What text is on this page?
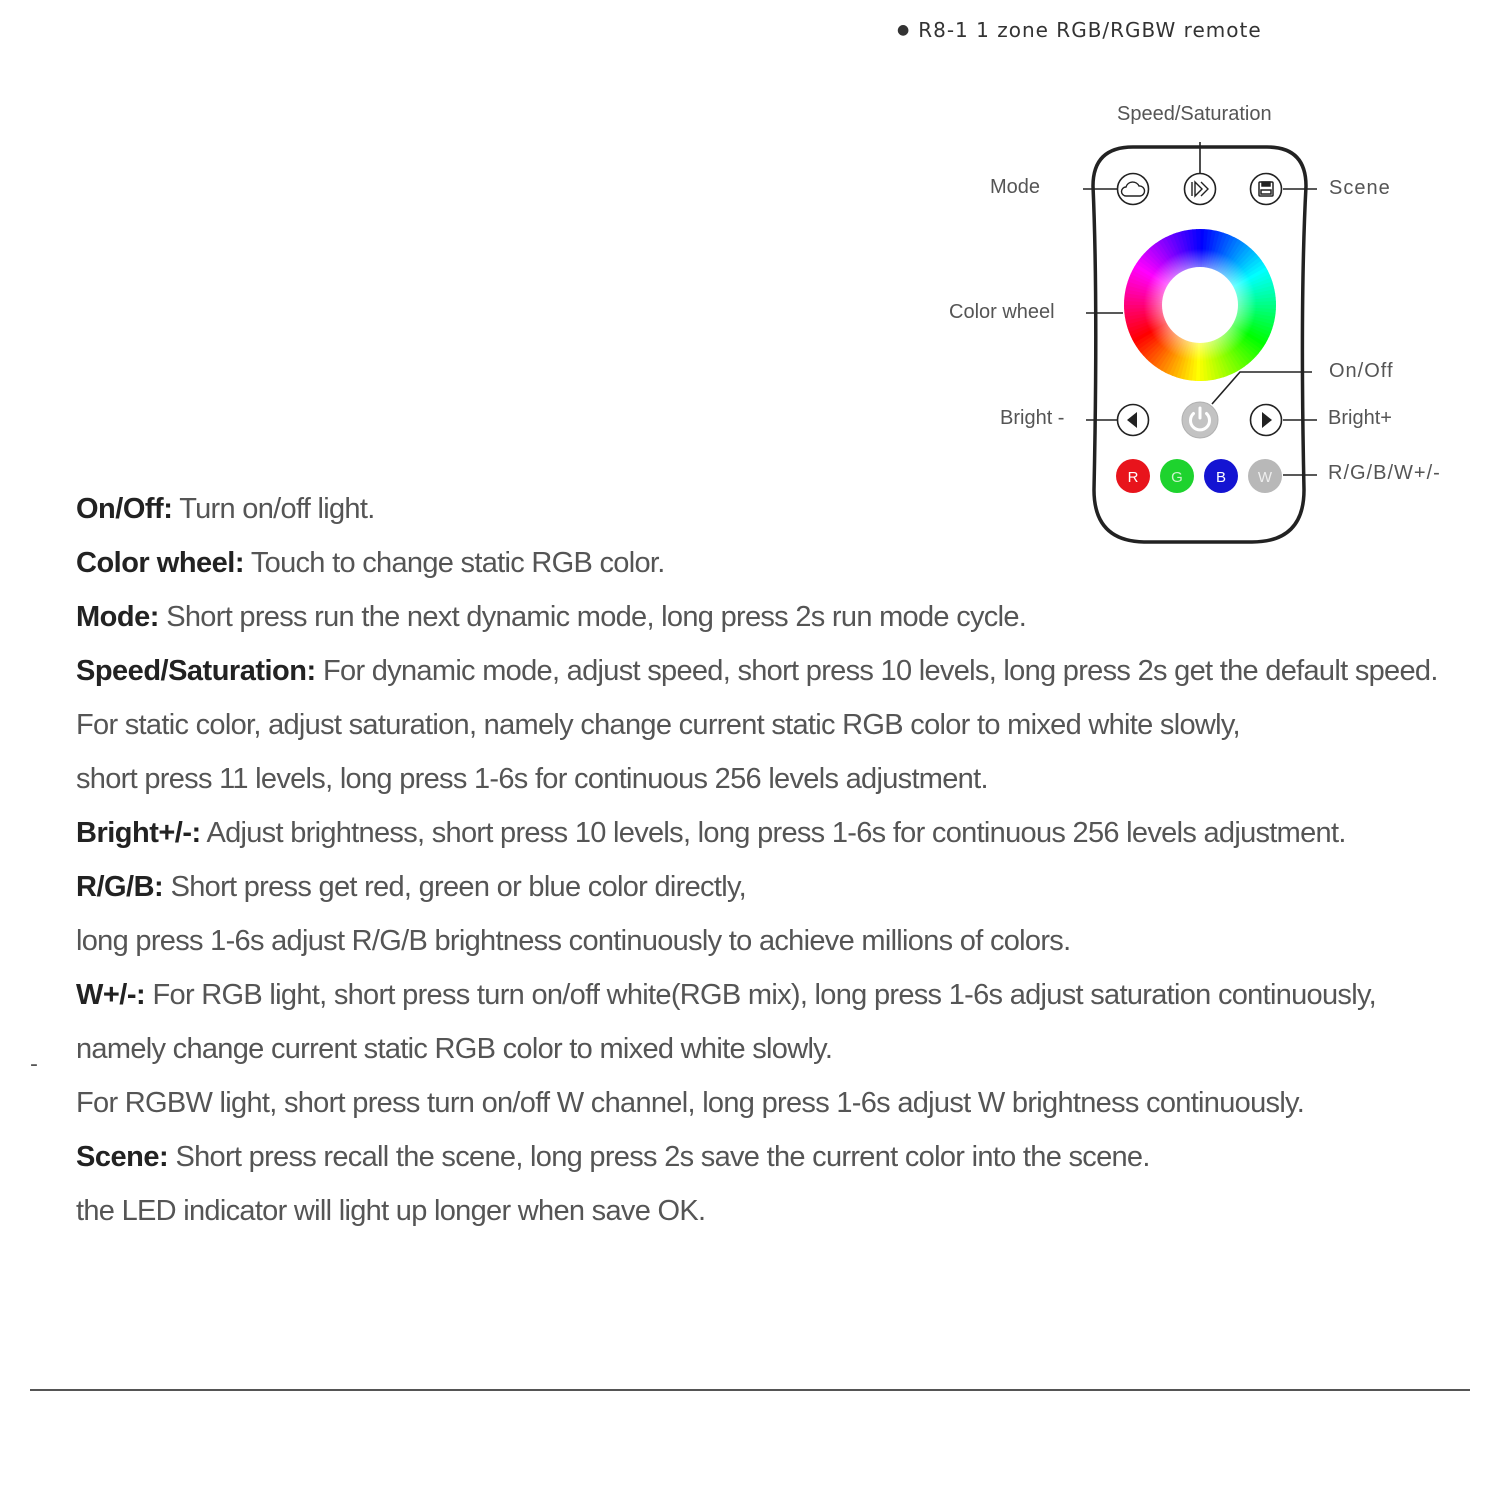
● R8-1 1 zone RGB/RGBW remote
R G B W
Speed/Saturation
Mode	Scene
Color wheel
On/Off
Bright -	Bright+
R/G/B/W+/-
On/Off: Turn on/off light.
Color wheel: Touch to change static RGB color.
Mode: Short press run the next dynamic mode, long press 2s run mode cycle.
Speed/Saturation: For dynamic mode, adjust speed, short press 10 levels, long press 2s get the default speed.
For static color, adjust saturation, namely change current static RGB color to mixed white slowly,
short press 11 levels, long press 1-6s for continuous 256 levels adjustment.
Bright+/-: Adjust brightness, short press 10 levels, long press 1-6s for continuous 256 levels adjustment.
R/G/B: Short press get red, green or blue color directly,
long press 1-6s adjust R/G/B brightness continuously to achieve millions of colors.
W+/-: For RGB light, short press turn on/off white(RGB mix), long press 1-6s adjust saturation continuously,
namely change current static RGB color to mixed white slowly.
For RGBW light, short press turn on/off W channel, long press 1-6s adjust W brightness continuously.
Scene: Short press recall the scene, long press 2s save the current color into the scene.
the LED indicator will light up longer when save OK.
-
